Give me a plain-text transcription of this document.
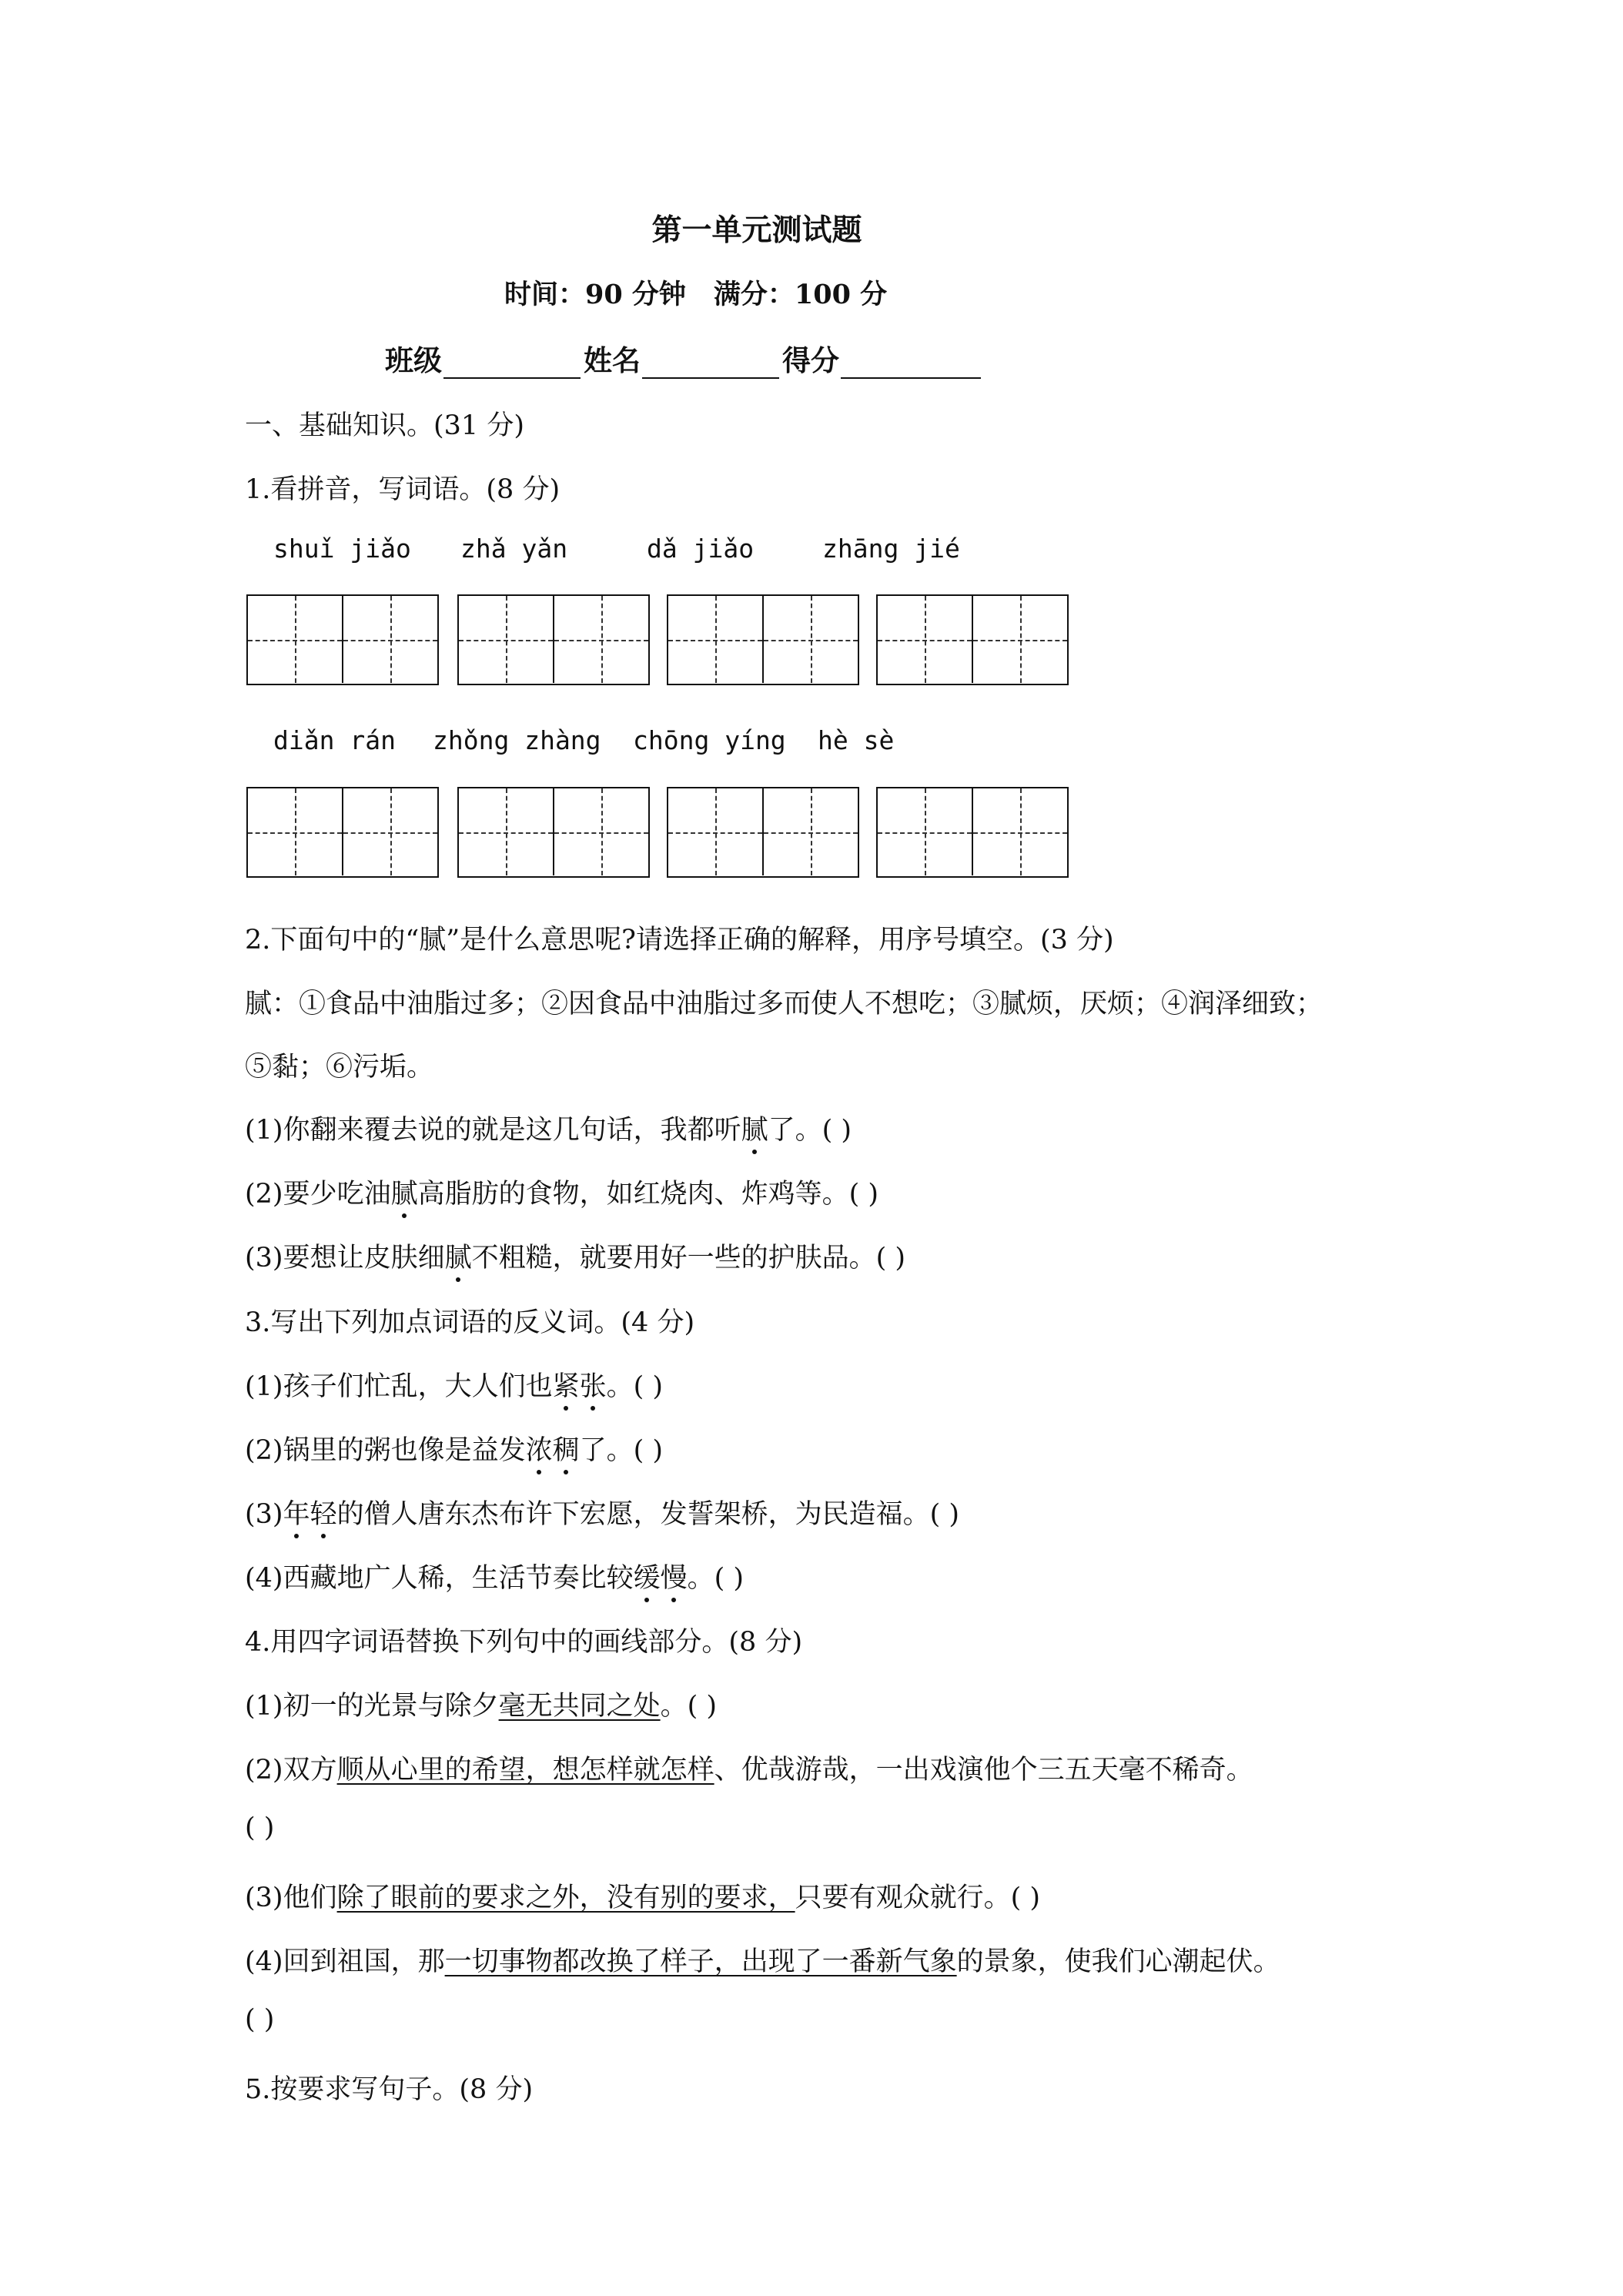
第一单元测试题
时间：90 分钟 满分：100 分
班级	姓名	得分
一、基础知识。(31 分)
1.看拼音，写词语。(8 分)
shuǐ jiǎo zhǎ yǎn	dǎ jiǎo	zhāng jié
diǎn rán zhǒng zhàng chōng yíng hè sè
2.下面句中的“腻”是什么意思呢?请选择正确的解释，用序号填空。(3 分)
腻：①食品中油脂过多；②因食品中油脂过多而使人不想吃；③腻烦，厌烦；④润泽细致；
⑤黏；⑥污垢。
(1)你翻来覆去说的就是这几句话，我都听腻了。( )
(2)要少吃油腻高脂肪的食物，如红烧肉、炸鸡等。( )
(3)要想让皮肤细腻不粗糙，就要用好一些的护肤品。( )
3.写出下列加点词语的反义词。(4 分)
(1)孩子们忙乱，大人们也紧张。( )
(2)锅里的粥也像是益发浓稠了。( )
(3)年轻的僧人唐东杰布许下宏愿，发誓架桥，为民造福。( )
(4)西藏地广人稀，生活节奏比较缓慢。( )
4.用四字词语替换下列句中的画线部分。(8 分)
(1)初一的光景与除夕毫无共同之处。( )
(2)双方顺从心里的希望，想怎样就怎样、优哉游哉，一出戏演他个三五天毫不稀奇。
( )
(3)他们除了眼前的要求之外，没有别的要求，只要有观众就行。( )
(4)回到祖国，那一切事物都改换了样子，出现了一番新气象的景象，使我们心潮起伏。
( )
5.按要求写句子。(8 分)
